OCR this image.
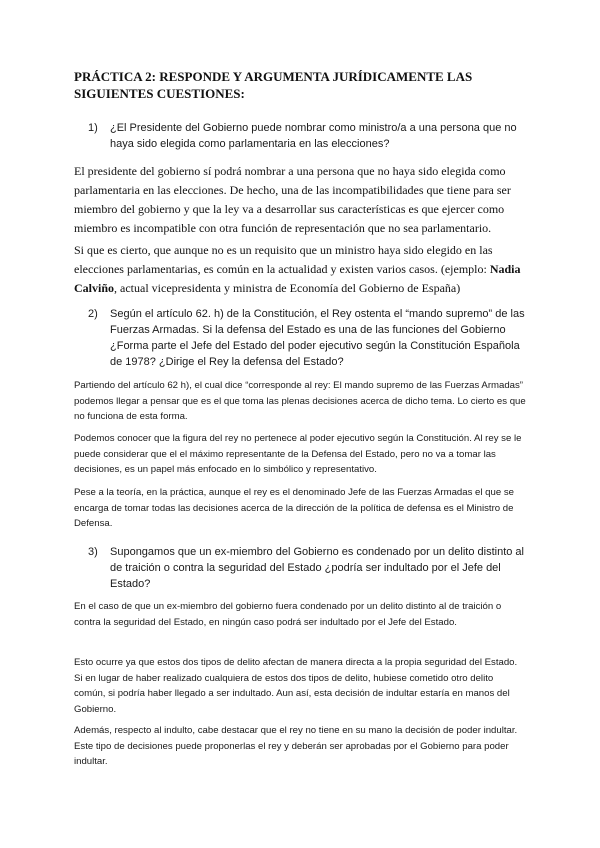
PRÁCTICA 2: RESPONDE Y ARGUMENTA JURÍDICAMENTE LAS SIGUIENTES CUESTIONES:
1) ¿El Presidente del Gobierno puede nombrar como ministro/a a una persona que no haya sido elegida como parlamentaria en las elecciones?
El presidente del gobierno sí podrá nombrar a una persona que no haya sido elegida como parlamentaria en las elecciones. De hecho, una de las incompatibilidades que tiene para ser miembro del gobierno y que la ley va a desarrollar sus características es que ejercer como miembro es incompatible con otra función de representación que no sea parlamentario.
Si que es cierto, que aunque no es un requisito que un ministro haya sido elegido en las elecciones parlamentarias, es común en la actualidad y existen varios casos. (ejemplo: Nadia Calviño, actual vicepresidenta y ministra de Economía del Gobierno de España)
2) Según el artículo 62. h) de la Constitución, el Rey ostenta el “mando supremo” de las Fuerzas Armadas. Si la defensa del Estado es una de las funciones del Gobierno ¿Forma parte el Jefe del Estado del poder ejecutivo según la Constitución Española de 1978? ¿Dirige el Rey la defensa del Estado?
Partiendo del artículo 62 h), el cual dice “corresponde al rey: El mando supremo de las Fuerzas Armadas” podemos llegar a pensar que es el que toma las plenas decisiones acerca de dicho tema. Lo cierto es que no funciona de esta forma.
Podemos conocer que la figura del rey no pertenece al poder ejecutivo según la Constitución. Al rey se le puede considerar que el el máximo representante de la Defensa del Estado, pero no va a tomar las decisiones, es un papel más enfocado en lo simbólico y representativo.
Pese a la teoría, en la práctica, aunque el rey es el denominado Jefe de las Fuerzas Armadas el que se encarga de tomar todas las decisiones acerca de la dirección de la política de defensa es el Ministro de Defensa.
3) Supongamos que un ex-miembro del Gobierno es condenado por un delito distinto al de traición o contra la seguridad del Estado ¿podría ser indultado por el Jefe del Estado?
En el caso de que un ex-miembro del gobierno fuera condenado por un delito distinto al de traición o contra la seguridad del Estado, en ningún caso podrá ser indultado por el Jefe del Estado.
Esto ocurre ya que estos dos tipos de delito afectan de manera directa a la propia seguridad del Estado. Si en lugar de haber realizado cualquiera de estos dos tipos de delito, hubiese cometido otro delito común, si podría haber llegado a ser indultado. Aun así, esta decisión de indultar estaría en manos del Gobierno.
Además, respecto al indulto, cabe destacar que el rey no tiene en su mano la decisión de poder indultar. Este tipo de decisiones puede proponerlas el rey y deberán ser aprobadas por el Gobierno para poder indultar.
